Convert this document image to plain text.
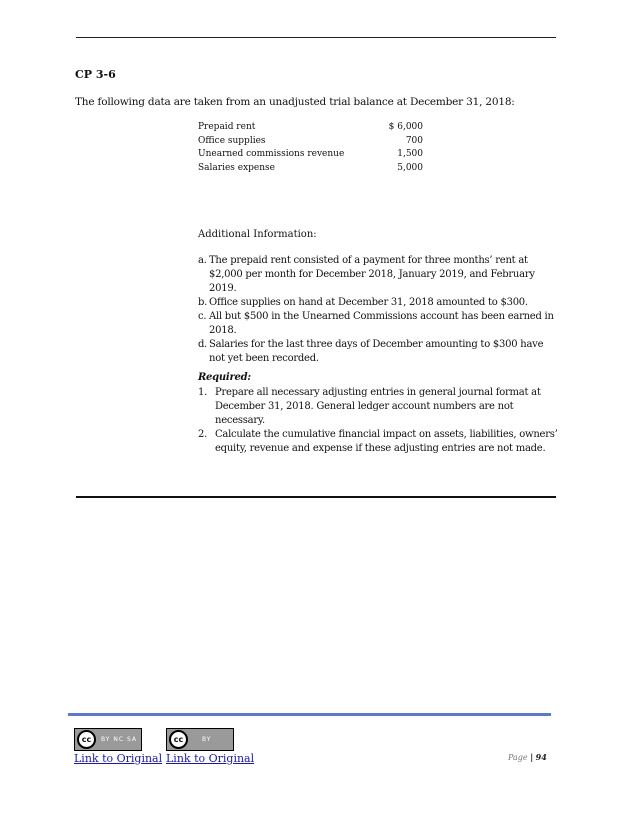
CP 3-6
The following data are taken from an unadjusted trial balance at December 31, 2018:
Prepaid rent	$ 6,000
Office supplies	700
Unearned commissions revenue	1,500
Salaries expense	5,000
Additional Information:
a. The prepaid rent consisted of a payment for three months’ rent at $2,000 per month for December 2018, January 2019, and February 2019.
b. Office supplies on hand at December 31, 2018 amounted to $300.
c. All but $500 in the Unearned Commissions account has been earned in 2018.
d. Salaries for the last three days of December amounting to $300 have not yet been recorded.
Required:
1. Prepare all necessary adjusting entries in general journal format at December 31, 2018. General ledger account numbers are not necessary.
2. Calculate the cumulative financial impact on assets, liabilities, owners’ equity, revenue and expense if these adjusting entries are not made.
cc	BY NC SA	cc	BY
Link to Original Link to Original	Page | 94
